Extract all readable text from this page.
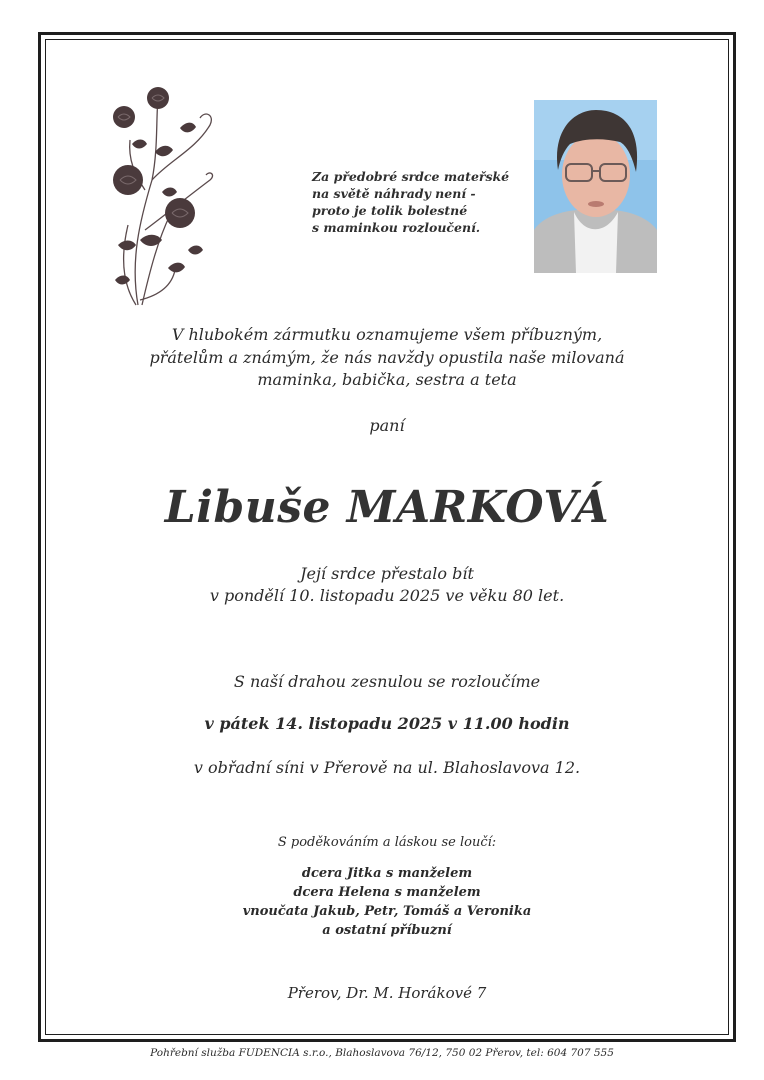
Za předobré srdce mateřské
na světě náhrady není -
proto je tolik bolestné
s maminkou rozloučení.
V hlubokém zármutku oznamujeme všem příbuzným,
přátelům a známým, že nás navždy opustila naše milovaná
maminka, babička, sestra a teta
paní
Libuše MARKOVÁ
Její srdce přestalo bít
v pondělí 10. listopadu 2025 ve věku 80 let.
S naší drahou zesnulou se rozloučíme
v pátek 14. listopadu 2025 v 11.00 hodin
v obřadní síni v Přerově na ul. Blahoslavova 12.
S poděkováním a láskou se loučí:
dcera Jitka s manželem
dcera Helena s manželem
vnoučata Jakub, Petr, Tomáš a Veronika
a ostatní příbuzní
Přerov, Dr. M. Horákové 7
Pohřební služba FUDENCIA s.r.o., Blahoslavova 76/12, 750 02 Přerov, tel: 604 707 555
